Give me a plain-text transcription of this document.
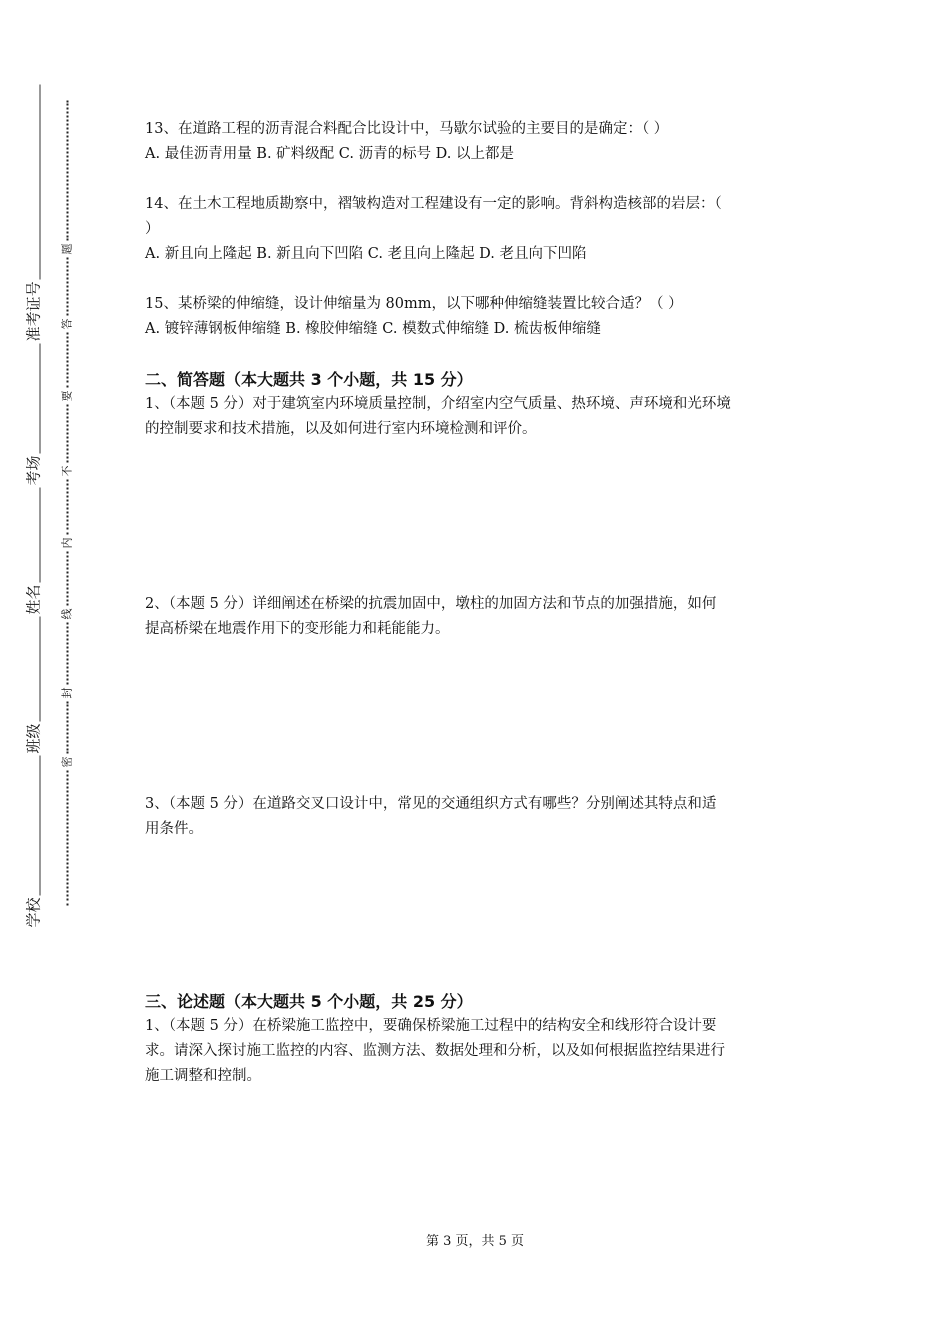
学校
班级
姓名
考场
准考证号
密
封
线
内
不
要
答
题
13、在道路工程的沥青混合料配合比设计中，马歇尔试验的主要目的是确定：（ ）
A. 最佳沥青用量 B. 矿料级配 C. 沥青的标号 D. 以上都是
14、在土木工程地质勘察中，褶皱构造对工程建设有一定的影响。背斜构造核部的岩层：（
）
A. 新且向上隆起 B. 新且向下凹陷 C. 老且向上隆起 D. 老且向下凹陷
15、某桥梁的伸缩缝，设计伸缩量为 80mm，以下哪种伸缩缝装置比较合适？（ ）
A. 镀锌薄钢板伸缩缝 B. 橡胶伸缩缝 C. 模数式伸缩缝 D. 梳齿板伸缩缝
二、简答题（本大题共 3 个小题，共 15 分）
1、（本题 5 分）对于建筑室内环境质量控制，介绍室内空气质量、热环境、声环境和光环境
的控制要求和技术措施，以及如何进行室内环境检测和评价。
2、（本题 5 分）详细阐述在桥梁的抗震加固中，墩柱的加固方法和节点的加强措施，如何
提高桥梁在地震作用下的变形能力和耗能能力。
3、（本题 5 分）在道路交叉口设计中，常见的交通组织方式有哪些？分别阐述其特点和适
用条件。
三、论述题（本大题共 5 个小题，共 25 分）
1、（本题 5 分）在桥梁施工监控中，要确保桥梁施工过程中的结构安全和线形符合设计要
求。请深入探讨施工监控的内容、监测方法、数据处理和分析，以及如何根据监控结果进行
施工调整和控制。
第 3 页，共 5 页
